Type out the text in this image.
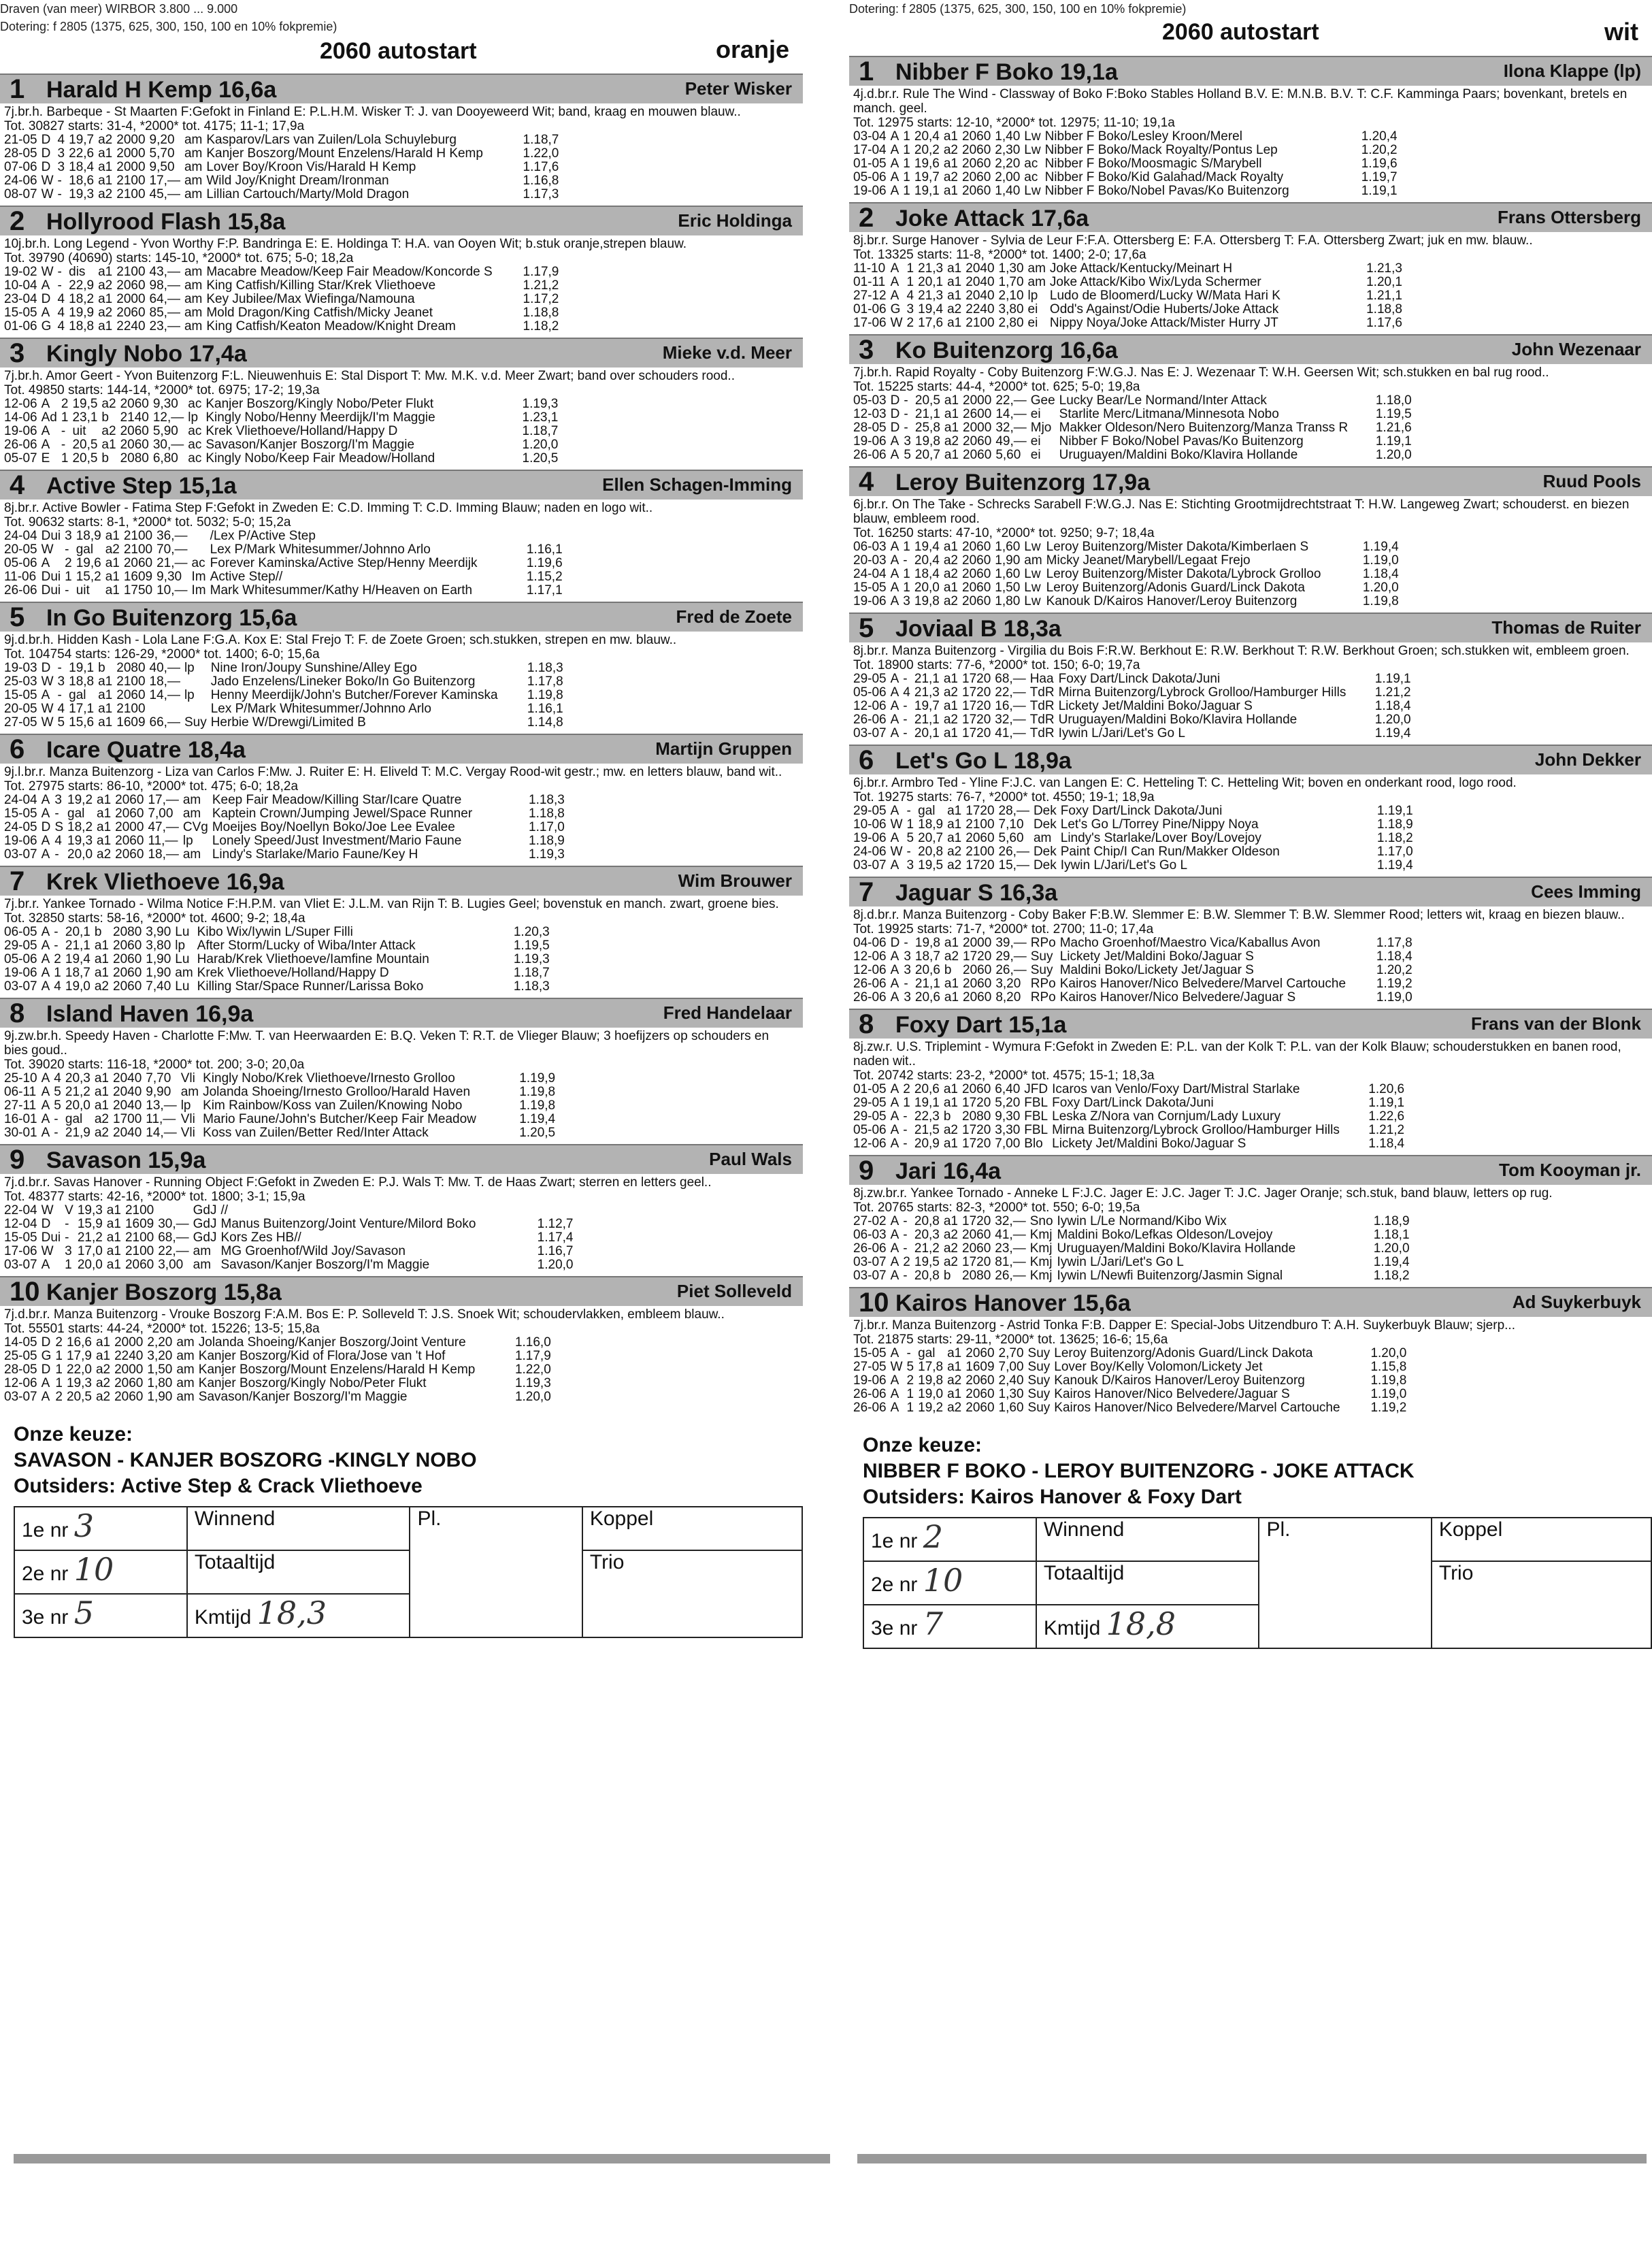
Draven (van meer) WIRBOR 3.800 ... 9.000
Dotering: f 2805 (1375, 625, 300, 150, 100 en 10% fokpremie)
2060 autostart	oranje
1 Harald H Kemp 16,6a	Peter Wisker
7j.br.h. Barbeque - St Maarten F:Gefokt in Finland E: P.L.H.M. Wisker T: J. van Dooyeweerd Wit; band, kraag en mouwen blauw..
Tot. 30827 starts: 31-4, *2000* tot. 4175; 11-1; 17,9a
21-05	D	4	19,7	a2	2000	9,20	am	Kasparov/Lars van Zuilen/Lola Schuyleburg	1.18,7
28-05	D	3	22,6	a1	2000	5,70	am	Kanjer Boszorg/Mount Enzelens/Harald H Kemp	1.22,0
07-06	D	3	18,4	a1	2000	9,50	am	Lover Boy/Kroon Vis/Harald H Kemp	1.17,6
24-06	W	-	18,6	a1	2100	17,—	am	Wild Joy/Knight Dream/Ironman	1.16,8
08-07	W	-	19,3	a2	2100	45,—	am	Lillian Cartouch/Marty/Mold Dragon	1.17,3
2 Hollyrood Flash 15,8a	Eric Holdinga
10j.br.h. Long Legend - Yvon Worthy F:P. Bandringa E: E. Holdinga T: H.A. van Ooyen Wit; b.stuk oranje,strepen blauw.
Tot. 39790 (40690) starts: 145-10, *2000* tot. 675; 5-0; 18,2a
19-02	W	-	dis	a1	2100	43,—	am	Macabre Meadow/Keep Fair Meadow/Koncorde S	1.17,9
10-04	A	-	22,9	a2	2060	98,—	am	King Catfish/Killing Star/Krek Vliethoeve	1.21,2
23-04	D	4	18,2	a1	2000	64,—	am	Key Jubilee/Max Wiefinga/Namouna	1.17,2
15-05	A	4	19,9	a2	2060	85,—	am	Mold Dragon/King Catfish/Micky Jeanet	1.18,8
01-06	G	4	18,8	a1	2240	23,—	am	King Catfish/Keaton Meadow/Knight Dream	1.18,2
3 Kingly Nobo 17,4a	Mieke v.d. Meer
7j.br.h. Amor Geert - Yvon Buitenzorg F:L. Nieuwenhuis E: Stal Disport T: Mw. M.K. v.d. Meer Zwart; band over schouders rood..
Tot. 49850 starts: 144-14, *2000* tot. 6975; 17-2; 19,3a
12-06	A	2	19,5	a2	2060	9,30	ac	Kanjer Boszorg/Kingly Nobo/Peter Flukt	1.19,3
14-06	Ad	1	23,1	b	2140	12,—	lp	Kingly Nobo/Henny Meerdijk/I'm Maggie	1.23,1
19-06	A	-	uit	a2	2060	5,90	ac	Krek Vliethoeve/Holland/Happy D	1.18,7
26-06	A	-	20,5	a1	2060	30,—	ac	Savason/Kanjer Boszorg/I'm Maggie	1.20,0
05-07	E	1	20,5	b	2080	6,80	ac	Kingly Nobo/Keep Fair Meadow/Holland	1.20,5
4 Active Step 15,1a	Ellen Schagen-Imming
8j.br.r. Active Bowler - Fatima Step F:Gefokt in Zweden E: C.D. Imming T: C.D. Imming Blauw; naden en logo wit..
Tot. 90632 starts: 8-1, *2000* tot. 5032; 5-0; 15,2a
24-04	Dui	3	18,9	a1	2100	36,—		/Lex P/Active Step	
20-05	W	-	gal	a2	2100	70,—		Lex P/Mark Whitesummer/Johnno Arlo	1.16,1
05-06	A	2	19,6	a1	2060	21,—	ac	Forever Kaminska/Active Step/Henny Meerdijk	1.19,6
11-06	Dui	1	15,2	a1	1609	9,30	Im	Active Step//	1.15,2
26-06	Dui	-	uit	a1	1750	10,—	Im	Mark Whitesummer/Kathy H/Heaven on Earth	1.17,1
5 In Go Buitenzorg 15,6a	Fred de Zoete
9j.d.br.h. Hidden Kash - Lola Lane F:G.A. Kox E: Stal Frejo T: F. de Zoete Groen; sch.stukken, strepen en mw. blauw..
Tot. 104754 starts: 126-29, *2000* tot. 1400; 6-0; 15,6a
19-03	D	-	19,1	b	2080	40,—	lp	Nine Iron/Joupy Sunshine/Alley Ego	1.18,3
25-03	W	3	18,8	a1	2100	18,—		Jado Enzelens/Lineker Boko/In Go Buitenzorg	1.17,8
15-05	A	-	gal	a1	2060	14,—	lp	Henny Meerdijk/John's Butcher/Forever Kaminska	1.19,8
20-05	W	4	17,1	a1	2100			Lex P/Mark Whitesummer/Johnno Arlo	1.16,1
27-05	W	5	15,6	a1	1609	66,—	Suy	Herbie W/Drewgi/Limited B	1.14,8
6 Icare Quatre 18,4a	Martijn Gruppen
9j.l.br.r. Manza Buitenzorg - Liza van Carlos F:Mw. J. Ruiter E: H. Eliveld T: M.C. Vergay Rood-wit gestr.; mw. en letters blauw, band wit..
Tot. 27975 starts: 86-10, *2000* tot. 475; 6-0; 18,2a
24-04	A	3	19,2	a1	2060	17,—	am	Keep Fair Meadow/Killing Star/Icare Quatre	1.18,3
15-05	A	-	gal	a1	2060	7,00	am	Kaptein Crown/Jumping Jewel/Space Runner	1.18,8
24-05	D	S	18,2	a1	2000	47,—	CVg	Moeijes Boy/Noellyn Boko/Joe Lee Evalee	1.17,0
19-06	A	4	19,3	a1	2060	11,—	lp	Lonely Speed/Just Investment/Mario Faune	1.18,9
03-07	A	-	20,0	a2	2060	18,—	am	Lindy's Starlake/Mario Faune/Key H	1.19,3
7 Krek Vliethoeve 16,9a	Wim Brouwer
7j.br.r. Yankee Tornado - Wilma Notice F:H.P.M. van Vliet E: J.L.M. van Rijn T: B. Lugies Geel; bovenstuk en manch. zwart, groene bies.
Tot. 32850 starts: 58-16, *2000* tot. 4600; 9-2; 18,4a
06-05	A	-	20,1	b	2080	3,90	Lu	Kibo Wix/Iywin L/Super Filli	1.20,3
29-05	A	-	21,1	a1	2060	3,80	lp	After Storm/Lucky of Wiba/Inter Attack	1.19,5
05-06	A	2	19,4	a1	2060	1,90	Lu	Harab/Krek Vliethoeve/Iamfine Mountain	1.19,3
19-06	A	1	18,7	a1	2060	1,90	am	Krek Vliethoeve/Holland/Happy D	1.18,7
03-07	A	4	19,0	a2	2060	7,40	Lu	Killing Star/Space Runner/Larissa Boko	1.18,3
8 Island Haven 16,9a	Fred Handelaar
9j.zw.br.h. Speedy Haven - Charlotte F:Mw. T. van Heerwaarden E: B.Q. Veken T: R.T. de Vlieger Blauw; 3 hoefijzers op schouders en bies goud..
Tot. 39020 starts: 116-18, *2000* tot. 200; 3-0; 20,0a
25-10	A	4	20,3	a1	2040	7,70	Vli	Kingly Nobo/Krek Vliethoeve/Irnesto Grolloo	1.19,9
06-11	A	5	21,2	a1	2040	9,90	am	Jolanda Shoeing/Irnesto Grolloo/Harald Haven	1.19,8
27-11	A	5	20,0	a1	2040	13,—	lp	Kim Rainbow/Koss van Zuilen/Knowing Nobo	1.19,8
16-01	A	-	gal	a2	1700	11,—	Vli	Mario Faune/John's Butcher/Keep Fair Meadow	1.19,4
30-01	A	-	21,9	a2	2040	14,—	Vli	Koss van Zuilen/Better Red/Inter Attack	1.20,5
9 Savason 15,9a	Paul Wals
7j.d.br.r. Savas Hanover - Running Object F:Gefokt in Zweden E: P.J. Wals T: Mw. T. de Haas Zwart; sterren en letters geel..
Tot. 48377 starts: 42-16, *2000* tot. 1800; 3-1; 15,9a
22-04	W	V	19,3	a1	2100		GdJ	//	
12-04	D	-	15,9	a1	1609	30,—	GdJ	Manus Buitenzorg/Joint Venture/Milord Boko	1.12,7
15-05	Dui	-	21,2	a1	2100	68,—	GdJ	Kors Zes HB//	1.17,4
17-06	W	3	17,0	a1	2100	22,—	am	MG Groenhof/Wild Joy/Savason	1.16,7
03-07	A	1	20,0	a1	2060	3,00	am	Savason/Kanjer Boszorg/I'm Maggie	1.20,0
10 Kanjer Boszorg 15,8a	Piet Solleveld
7j.d.br.r. Manza Buitenzorg - Vrouke Boszorg F:A.M. Bos E: P. Solleveld T: J.S. Snoek Wit; schoudervlakken, embleem blauw..
Tot. 55501 starts: 44-24, *2000* tot. 15226; 13-5; 15,8a
14-05	D	2	16,6	a1	2000	2,20	am	Jolanda Shoeing/Kanjer Boszorg/Joint Venture	1.16,0
25-05	G	1	17,9	a1	2240	3,20	am	Kanjer Boszorg/Kid of Flora/Jose van 't Hof	1.17,9
28-05	D	1	22,0	a2	2000	1,50	am	Kanjer Boszorg/Mount Enzelens/Harald H Kemp	1.22,0
12-06	A	1	19,3	a2	2060	1,80	am	Kanjer Boszorg/Kingly Nobo/Peter Flukt	1.19,3
03-07	A	2	20,5	a2	2060	1,90	am	Savason/Kanjer Boszorg/I'm Maggie	1.20,0
Onze keuze:
SAVASON - KANJER BOSZORG -KINGLY NOBO
Outsiders: Active Step & Crack Vliethoeve
1e nr 3	Winnend	Pl.	Koppel
2e nr 10	Totaaltijd		Trio
3e nr 5	Kmtijd 18,3		
Dotering: f 2805 (1375, 625, 300, 150, 100 en 10% fokpremie)
2060 autostart	wit
1 Nibber F Boko 19,1a	Ilona Klappe (lp)
4j.d.br.r. Rule The Wind - Classway of Boko F:Boko Stables Holland B.V. E: M.N.B. B.V. T: C.F. Kamminga Paars; bovenkant, bretels en manch. geel.
Tot. 12975 starts: 12-10, *2000* tot. 12975; 11-10; 19,1a
03-04	A	1	20,4	a1	2060	1,40	Lw	Nibber F Boko/Lesley Kroon/Merel	1.20,4
17-04	A	1	20,2	a2	2060	2,30	Lw	Nibber F Boko/Mack Royalty/Pontus Lep	1.20,2
01-05	A	1	19,6	a1	2060	2,20	ac	Nibber F Boko/Moosmagic S/Marybell	1.19,6
05-06	A	1	19,7	a2	2060	2,00	ac	Nibber F Boko/Kid Galahad/Mack Royalty	1.19,7
19-06	A	1	19,1	a1	2060	1,40	Lw	Nibber F Boko/Nobel Pavas/Ko Buitenzorg	1.19,1
2 Joke Attack 17,6a	Frans Ottersberg
8j.br.r. Surge Hanover - Sylvia de Leur F:F.A. Ottersberg E: F.A. Ottersberg T: F.A. Ottersberg Zwart; juk en mw. blauw..
Tot. 13325 starts: 11-8, *2000* tot. 1400; 2-0; 17,6a
11-10	A	1	21,3	a1	2040	1,30	am	Joke Attack/Kentucky/Meinart H	1.21,3
01-11	A	1	20,1	a1	2040	1,70	am	Joke Attack/Kibo Wix/Lyda Schermer	1.20,1
27-12	A	4	21,3	a1	2040	2,10	lp	Ludo de Bloomerd/Lucky W/Mata Hari K	1.21,1
01-06	G	3	19,4	a2	2240	3,80	ei	Odd's Against/Odie Huberts/Joke Attack	1.18,8
17-06	W	2	17,6	a1	2100	2,80	ei	Nippy Noya/Joke Attack/Mister Hurry JT	1.17,6
3 Ko Buitenzorg 16,6a	John Wezenaar
7j.br.h. Rapid Royalty - Coby Buitenzorg F:W.G.J. Nas E: J. Wezenaar T: W.H. Geersen Wit; sch.stukken en bal rug rood..
Tot. 15225 starts: 44-4, *2000* tot. 625; 5-0; 19,8a
05-03	D	-	20,5	a1	2000	22,—	Gee	Lucky Bear/Le Normand/Inter Attack	1.18,0
12-03	D	-	21,1	a1	2600	14,—	ei	Starlite Merc/Litmana/Minnesota Nobo	1.19,5
28-05	D	-	25,8	a1	2000	32,—	Mjo	Makker Oldeson/Nero Buitenzorg/Manza Transs R	1.21,6
19-06	A	3	19,8	a2	2060	49,—	ei	Nibber F Boko/Nobel Pavas/Ko Buitenzorg	1.19,1
26-06	A	5	20,7	a1	2060	5,60	ei	Uruguayen/Maldini Boko/Klavira Hollande	1.20,0
4 Leroy Buitenzorg 17,9a	Ruud Pools
6j.br.r. On The Take - Schrecks Sarabell F:W.G.J. Nas E: Stichting Grootmijdrechtstraat T: H.W. Langeweg Zwart; schouderst. en biezen blauw, embleem rood.
Tot. 16250 starts: 47-10, *2000* tot. 9250; 9-7; 18,4a
06-03	A	1	19,4	a1	2060	1,60	Lw	Leroy Buitenzorg/Mister Dakota/Kimberlaen S	1.19,4
20-03	A	-	20,4	a2	2060	1,90	am	Micky Jeanet/Marybell/Legaat Frejo	1.19,0
24-04	A	1	18,4	a2	2060	1,60	Lw	Leroy Buitenzorg/Mister Dakota/Lybrock Grolloo	1.18,4
15-05	A	1	20,0	a1	2060	1,50	Lw	Leroy Buitenzorg/Adonis Guard/Linck Dakota	1.20,0
19-06	A	3	19,8	a2	2060	1,80	Lw	Kanouk D/Kairos Hanover/Leroy Buitenzorg	1.19,8
5 Joviaal B 18,3a	Thomas de Ruiter
8j.br.r. Manza Buitenzorg - Virgilia du Bois F:R.W. Berkhout E: R.W. Berkhout T: R.W. Berkhout Groen; sch.stukken wit, embleem groen.
Tot. 18900 starts: 77-6, *2000* tot. 150; 6-0; 19,7a
29-05	A	-	21,1	a1	1720	68,—	Haa	Foxy Dart/Linck Dakota/Juni	1.19,1
05-06	A	4	21,3	a2	1720	22,—	TdR	Mirna Buitenzorg/Lybrock Grolloo/Hamburger Hills	1.21,2
12-06	A	-	19,7	a1	1720	16,—	TdR	Lickety Jet/Maldini Boko/Jaguar S	1.18,4
26-06	A	-	21,1	a2	1720	32,—	TdR	Uruguayen/Maldini Boko/Klavira Hollande	1.20,0
03-07	A	-	20,1	a1	1720	41,—	TdR	Iywin L/Jari/Let's Go L	1.19,4
6 Let's Go L 18,9a	John Dekker
6j.br.r. Armbro Ted - Yline F:J.C. van Langen E: C. Hetteling T: C. Hetteling Wit; boven en onderkant rood, logo rood.
Tot. 19275 starts: 76-7, *2000* tot. 4550; 19-1; 18,9a
29-05	A	-	gal	a1	1720	28,—	Dek	Foxy Dart/Linck Dakota/Juni	1.19,1
10-06	W	1	18,9	a1	2100	7,10	Dek	Let's Go L/Torrey Pine/Nippy Noya	1.18,9
19-06	A	5	20,7	a1	2060	5,60	am	Lindy's Starlake/Lover Boy/Lovejoy	1.18,2
24-06	W	-	20,8	a2	2100	26,—	Dek	Paint Chip/I Can Run/Makker Oldeson	1.17,0
03-07	A	3	19,5	a2	1720	15,—	Dek	Iywin L/Jari/Let's Go L	1.19,4
7 Jaguar S 16,3a	Cees Imming
8j.d.br.r. Manza Buitenzorg - Coby Baker F:B.W. Slemmer E: B.W. Slemmer T: B.W. Slemmer Rood; letters wit, kraag en biezen blauw..
Tot. 19925 starts: 71-7, *2000* tot. 2700; 11-0; 17,4a
04-06	D	-	19,8	a1	2000	39,—	RPo	Macho Groenhof/Maestro Vica/Kaballus Avon	1.17,8
12-06	A	3	18,7	a2	1720	29,—	Suy	Lickety Jet/Maldini Boko/Jaguar S	1.18,4
12-06	A	3	20,6	b	2060	26,—	Suy	Maldini Boko/Lickety Jet/Jaguar S	1.20,2
26-06	A	-	21,1	a1	2060	3,20	RPo	Kairos Hanover/Nico Belvedere/Marvel Cartouche	1.19,2
26-06	A	3	20,6	a1	2060	8,20	RPo	Kairos Hanover/Nico Belvedere/Jaguar S	1.19,0
8 Foxy Dart 15,1a	Frans van der Blonk
8j.zw.r. U.S. Triplemint - Wymura F:Gefokt in Zweden E: P.L. van der Kolk T: P.L. van der Kolk Blauw; schouderstukken en banen rood, naden wit..
Tot. 20742 starts: 23-2, *2000* tot. 4575; 15-1; 18,3a
01-05	A	2	20,6	a1	2060	6,40	JFD	Icaros van Venlo/Foxy Dart/Mistral Starlake	1.20,6
29-05	A	1	19,1	a1	1720	5,20	FBL	Foxy Dart/Linck Dakota/Juni	1.19,1
29-05	A	-	22,3	b	2080	9,30	FBL	Leska Z/Nora van Cornjum/Lady Luxury	1.22,6
05-06	A	-	21,5	a2	1720	3,30	FBL	Mirna Buitenzorg/Lybrock Grolloo/Hamburger Hills	1.21,2
12-06	A	-	20,9	a1	1720	7,00	Blo	Lickety Jet/Maldini Boko/Jaguar S	1.18,4
9 Jari 16,4a	Tom Kooyman jr.
8j.zw.br.r. Yankee Tornado - Anneke L F:J.C. Jager E: J.C. Jager T: J.C. Jager Oranje; sch.stuk, band blauw, letters op rug.
Tot. 20765 starts: 82-3, *2000* tot. 550; 6-0; 19,5a
27-02	A	-	20,8	a1	1720	32,—	Sno	Iywin L/Le Normand/Kibo Wix	1.18,9
06-03	A	-	20,3	a2	2060	41,—	Kmj	Maldini Boko/Lefkas Oldeson/Lovejoy	1.18,1
26-06	A	-	21,2	a2	2060	23,—	Kmj	Uruguayen/Maldini Boko/Klavira Hollande	1.20,0
03-07	A	2	19,5	a2	1720	81,—	Kmj	Iywin L/Jari/Let's Go L	1.19,4
03-07	A	-	20,8	b	2080	26,—	Kmj	Iywin L/Newfi Buitenzorg/Jasmin Signal	1.18,2
10 Kairos Hanover 15,6a	Ad Suykerbuyk
7j.br.r. Manza Buitenzorg - Astrid Tonka F:B. Dapper E: Special-Jobs Uitzendburo T: A.H. Suykerbuyk Blauw; sjerp...
Tot. 21875 starts: 29-11, *2000* tot. 13625; 16-6; 15,6a
15-05	A	-	gal	a1	2060	2,70	Suy	Leroy Buitenzorg/Adonis Guard/Linck Dakota	1.20,0
27-05	W	5	17,8	a1	1609	7,00	Suy	Lover Boy/Kelly Volomon/Lickety Jet	1.15,8
19-06	A	2	19,8	a2	2060	2,40	Suy	Kanouk D/Kairos Hanover/Leroy Buitenzorg	1.19,8
26-06	A	1	19,0	a1	2060	1,30	Suy	Kairos Hanover/Nico Belvedere/Jaguar S	1.19,0
26-06	A	1	19,2	a2	2060	1,60	Suy	Kairos Hanover/Nico Belvedere/Marvel Cartouche	1.19,2
Onze keuze:
NIBBER F BOKO - LEROY BUITENZORG - JOKE ATTACK
Outsiders: Kairos Hanover & Foxy Dart
1e nr 2	Winnend	Pl.	Koppel
2e nr 10	Totaaltijd		Trio
3e nr 7	Kmtijd 18,8		
